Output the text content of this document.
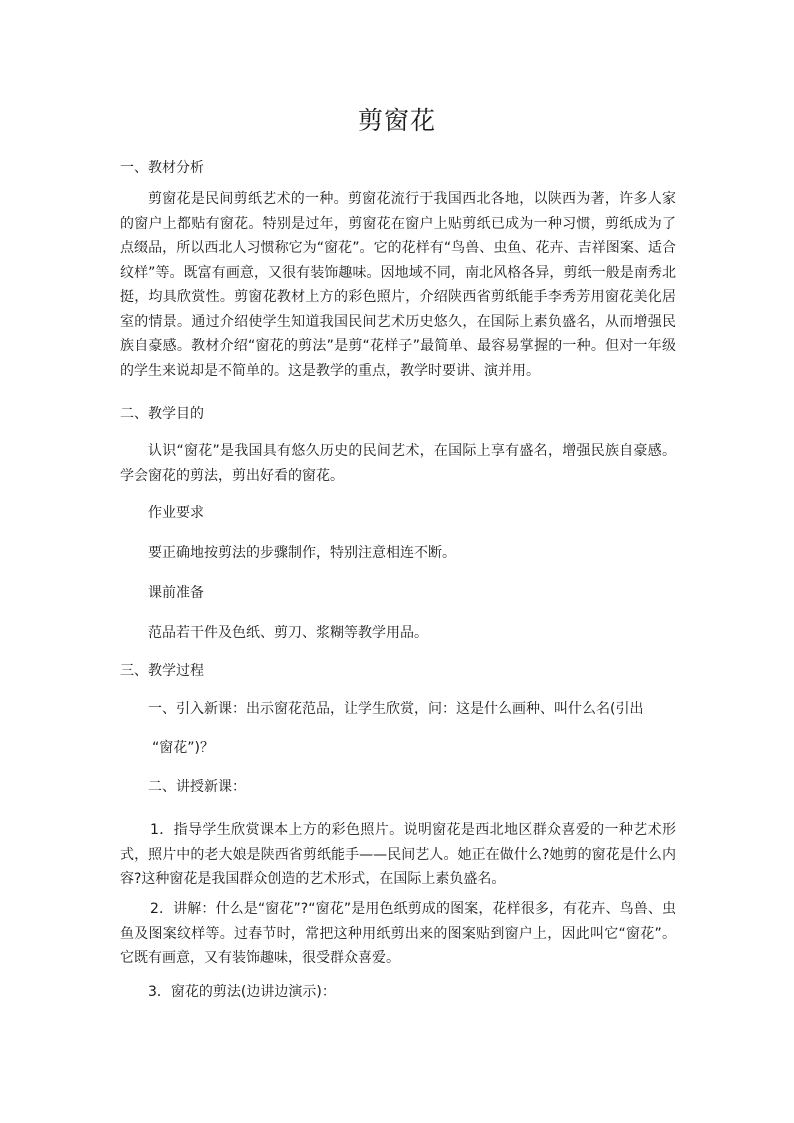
剪窗花
一、教材分析
剪窗花是民间剪纸艺术的一种。剪窗花流行于我国西北各地，以陕西为著，许多人家的窗户上都贴有窗花。特别是过年，剪窗花在窗户上贴剪纸已成为一种习惯，剪纸成为了点缀品，所以西北人习惯称它为“窗花”。它的花样有“鸟兽、虫鱼、花卉、吉祥图案、适合纹样”等。既富有画意，又很有装饰趣味。因地域不同，南北风格各异，剪纸一般是南秀北挺，均具欣赏性。剪窗花教材上方的彩色照片，介绍陕西省剪纸能手李秀芳用窗花美化居室的情景。通过介绍使学生知道我国民间艺术历史悠久，在国际上素负盛名，从而增强民族自豪感。教材介绍“窗花的剪法”是剪“花样子”最简单、最容易掌握的一种。但对一年级的学生来说却是不简单的。这是教学的重点，教学时要讲、演并用。
二、教学目的
认识“窗花”是我国具有悠久历史的民间艺术，在国际上享有盛名，增强民族自豪感。学会窗花的剪法，剪出好看的窗花。
作业要求
要正确地按剪法的步骤制作，特别注意相连不断。
课前准备
范品若干件及色纸、剪刀、浆糊等教学用品。
三、教学过程
一、引入新课：出示窗花范品，让学生欣赏，问：这是什么画种、叫什么名(引出
“窗花”)？
二、讲授新课：
1．指导学生欣赏课本上方的彩色照片。说明窗花是西北地区群众喜爱的一种艺术形式，照片中的老大娘是陕西省剪纸能手——民间艺人。她正在做什么?她剪的窗花是什么内容?这种窗花是我国群众创造的艺术形式，在国际上素负盛名。
2．讲解：什么是“窗花”?“窗花”是用色纸剪成的图案，花样很多，有花卉、鸟兽、虫鱼及图案纹样等。过春节时，常把这种用纸剪出来的图案贴到窗户上，因此叫它“窗花”。它既有画意，又有装饰趣味，很受群众喜爱。
3．窗花的剪法(边讲边演示)：
